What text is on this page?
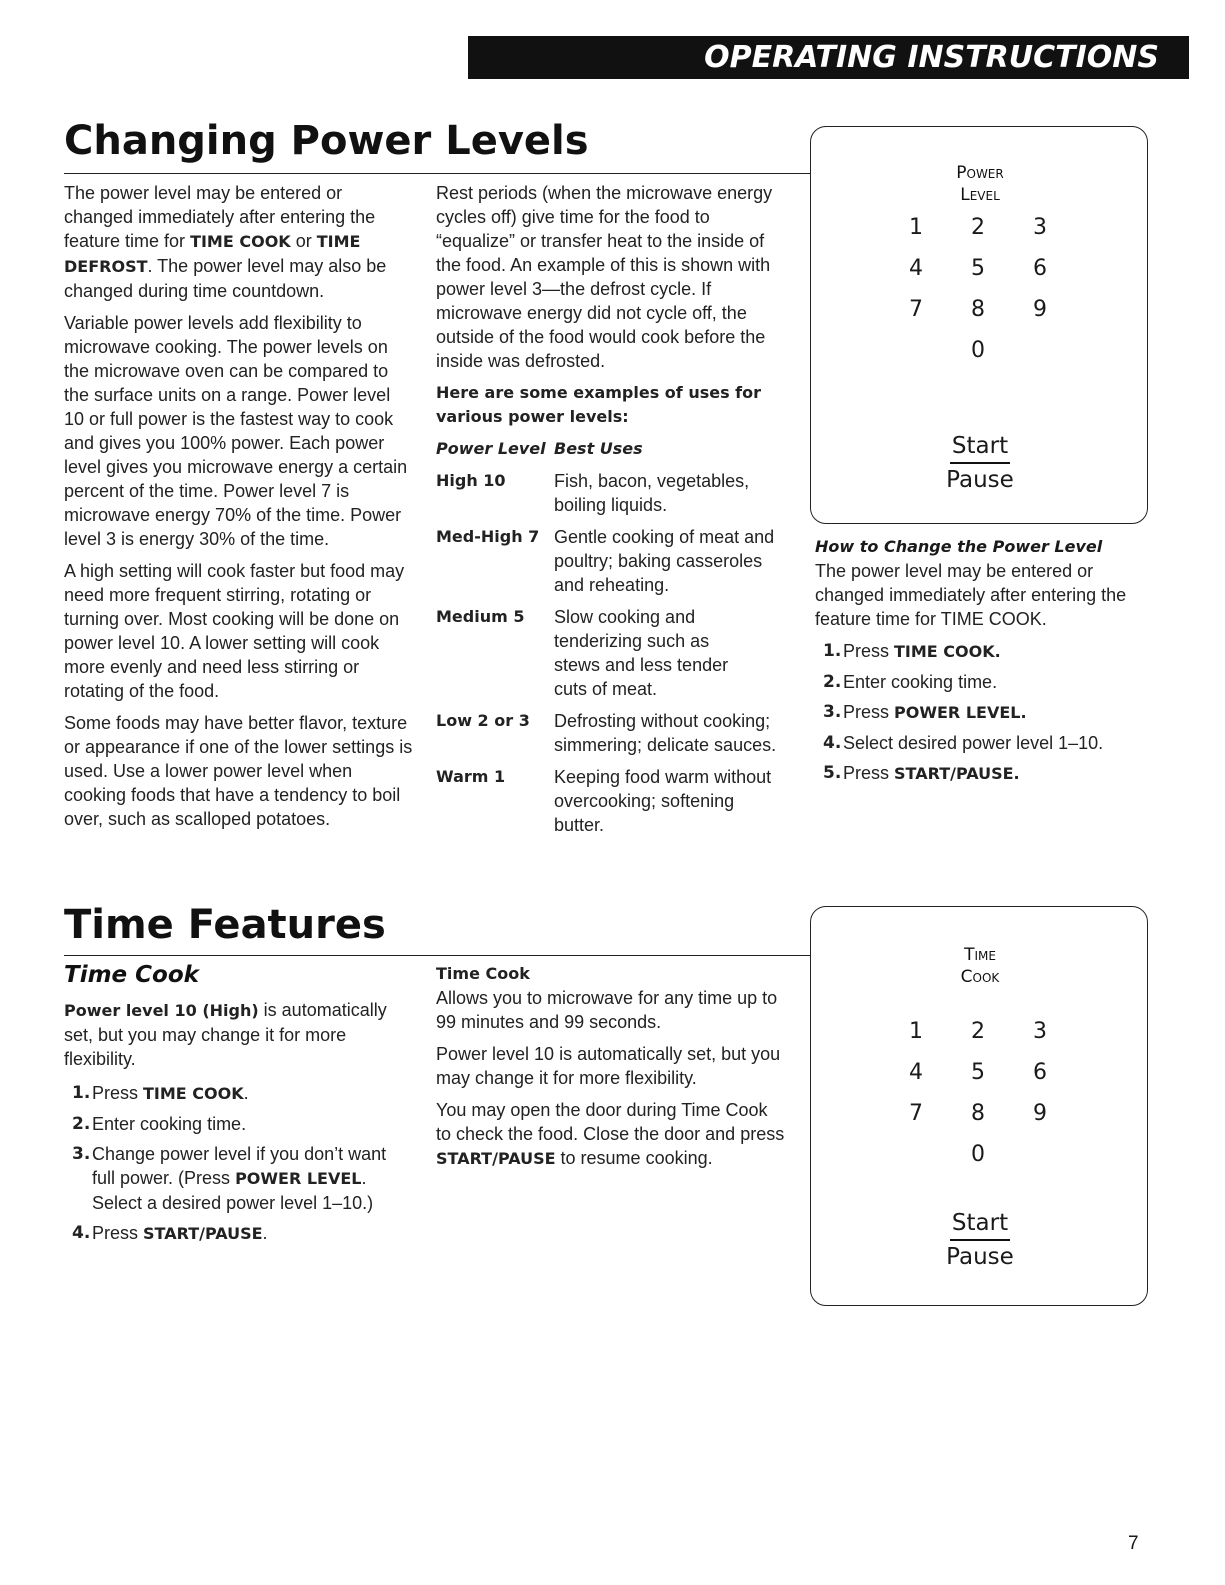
OPERATING INSTRUCTIONS
Changing Power Levels

The power level may be entered or changed immediately after entering the feature time for TIME COOK or TIME DEFROST. The power level may also be changed during time countdown.

Variable power levels add flexibility to microwave cooking. The power levels on the microwave oven can be compared to the surface units on a range. Power level 10 or full power is the fastest way to cook and gives you 100% power. Each power level gives you microwave energy a certain percent of the time. Power level 7 is microwave energy 70% of the time. Power level 3 is energy 30% of the time.

A high setting will cook faster but food may need more frequent stirring, rotating or turning over. Most cooking will be done on power level 10. A lower setting will cook more evenly and need less stirring or rotating of the food.

Some foods may have better flavor, texture or appearance if one of the lower settings is used. Use a lower power level when cooking foods that have a tendency to boil over, such as scalloped potatoes.

Rest periods (when the microwave energy cycles off) give time for the food to “equalize” or transfer heat to the inside of the food. An example of this is shown with power level 3—the defrost cycle. If microwave energy did not cycle off, the outside of the food would cook before the inside was defrosted.

Here are some examples of uses for various power levels:

Power Level	Best Uses
High 10	Fish, bacon, vegetables, boiling liquids.
Med-High 7	Gentle cooking of meat and poultry; baking casseroles and reheating.
Medium 5	Slow cooking and tenderizing such as stews and less tender cuts of meat.
Low 2 or 3	Defrosting without cooking; simmering; delicate sauces.
Warm 1	Keeping food warm without overcooking; softening butter.
Power
Level
1	2	3
4	5	6
7	8	9
0
Start
Pause
How to Change the Power Level
The power level may be entered or changed immediately after entering the feature time for TIME COOK.
1. Press TIME COOK.
2. Enter cooking time.
3. Press POWER LEVEL.
4. Select desired power level 1–10.
5. Press START/PAUSE.
Time Features
Time Cook
Power level 10 (High) is automatically set, but you may change it for more flexibility.
1. Press TIME COOK.
2. Enter cooking time.
3. Change power level if you don’t want full power. (Press POWER LEVEL. Select a desired power level 1–10.)
4. Press START/PAUSE.
Time Cook

Allows you to microwave for any time up to 99 minutes and 99 seconds.

Power level 10 is automatically set, but you may change it for more flexibility.

You may open the door during Time Cook to check the food. Close the door and press START/PAUSE to resume cooking.

Time
Cook
1	2	3
4	5	6
7	8	9
0
Start
Pause
7
